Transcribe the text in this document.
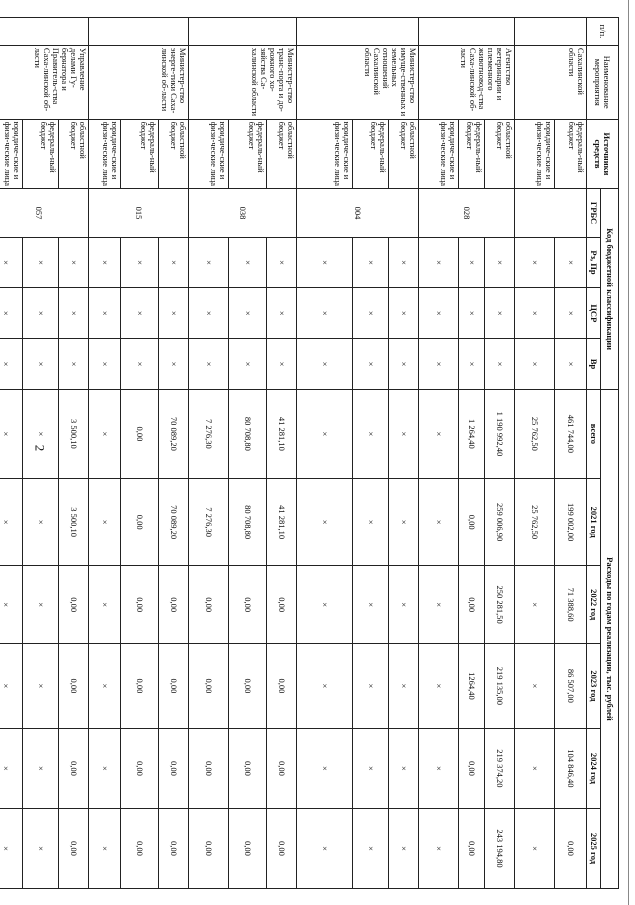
2
п/п.	Наименование мероприятия	Источники средств	Код бюджетной классификации				Расходы по годам реализации, тыс. рублей					
			ГРБС	Рз, Пр	ЦСР	Вр	всего	2021 год	2022 год	2023 год	2024 год	2025 год
	Сахалинской области	федераль-ный бюджет		×	×	×	461 744,00	199 002,00	71 388,60	86 507,00	104 846,40	0,00
		юридиче-ские и физи-ческие лица		×	×	×	25 762,50	25 762,50	×	×	×	×
	Агентство ветеринарии и племенного животновод-ства Саха-линской об-ласти	областной бюджет	028	×	×	×	1 190 992,40	259 006,90	250 281,50	219 135,00	219 374,20	243 194,80
		федераль-ный бюджет		×	×	×	1 264,40	0,00	0,00	1264,40	0,00	0,00
		юридиче-ские и физи-ческие лица		×	×	×	×	×	×	×	×	×
	Министер-ство имуще-ственных и земельных отношений Сахалинской области	областной бюджет	004	×	×	×	×	×	×	×	×	×
		федераль-ный бюджет		×	×	×	×	×	×	×	×	×
		юридиче-ские и физи-ческие лица		×	×	×	×	×	×	×	×	×
	Министер-ство транс-порта и до-рожного хо-зяйства Са-халинской области	областной бюджет	038	×	×	×	41 281,10	41 281,10	0,00	0,00	0,00	0,00
		федераль-ный бюджет		×	×	×	80 708,80	80 708,80	0,00	0,00	0,00	0,00
		юридиче-ские и физи-ческие лица		×	×	×	7 276,30	7 276,30	0,00	0,00	0,00	0,00
	Министер-ство энерге-тики Саха-линской об-ласти	областной бюджет	015	×	×	×	70 089,20	70 089,20	0,00	0,00	0,00	0,00
		федераль-ный бюджет		×	×	×	0,00	0,00	0,00	0,00	0,00	0,00
		юридиче-ские и физи-ческие лица		×	×	×	×	×	×	×	×	×
	Управление делами Гу-бернатора и Правитель-ства Саха-линской об-ласти	областной бюджет	057	×	×	×	3 500,10	3 500,10	0,00	0,00	0,00	0,00
		федераль-ный бюджет		×	×	×	×	×	×	×	×	×
		юридиче-ские и физи-ческие лица		×	×	×	×	×	×	×	×	×
